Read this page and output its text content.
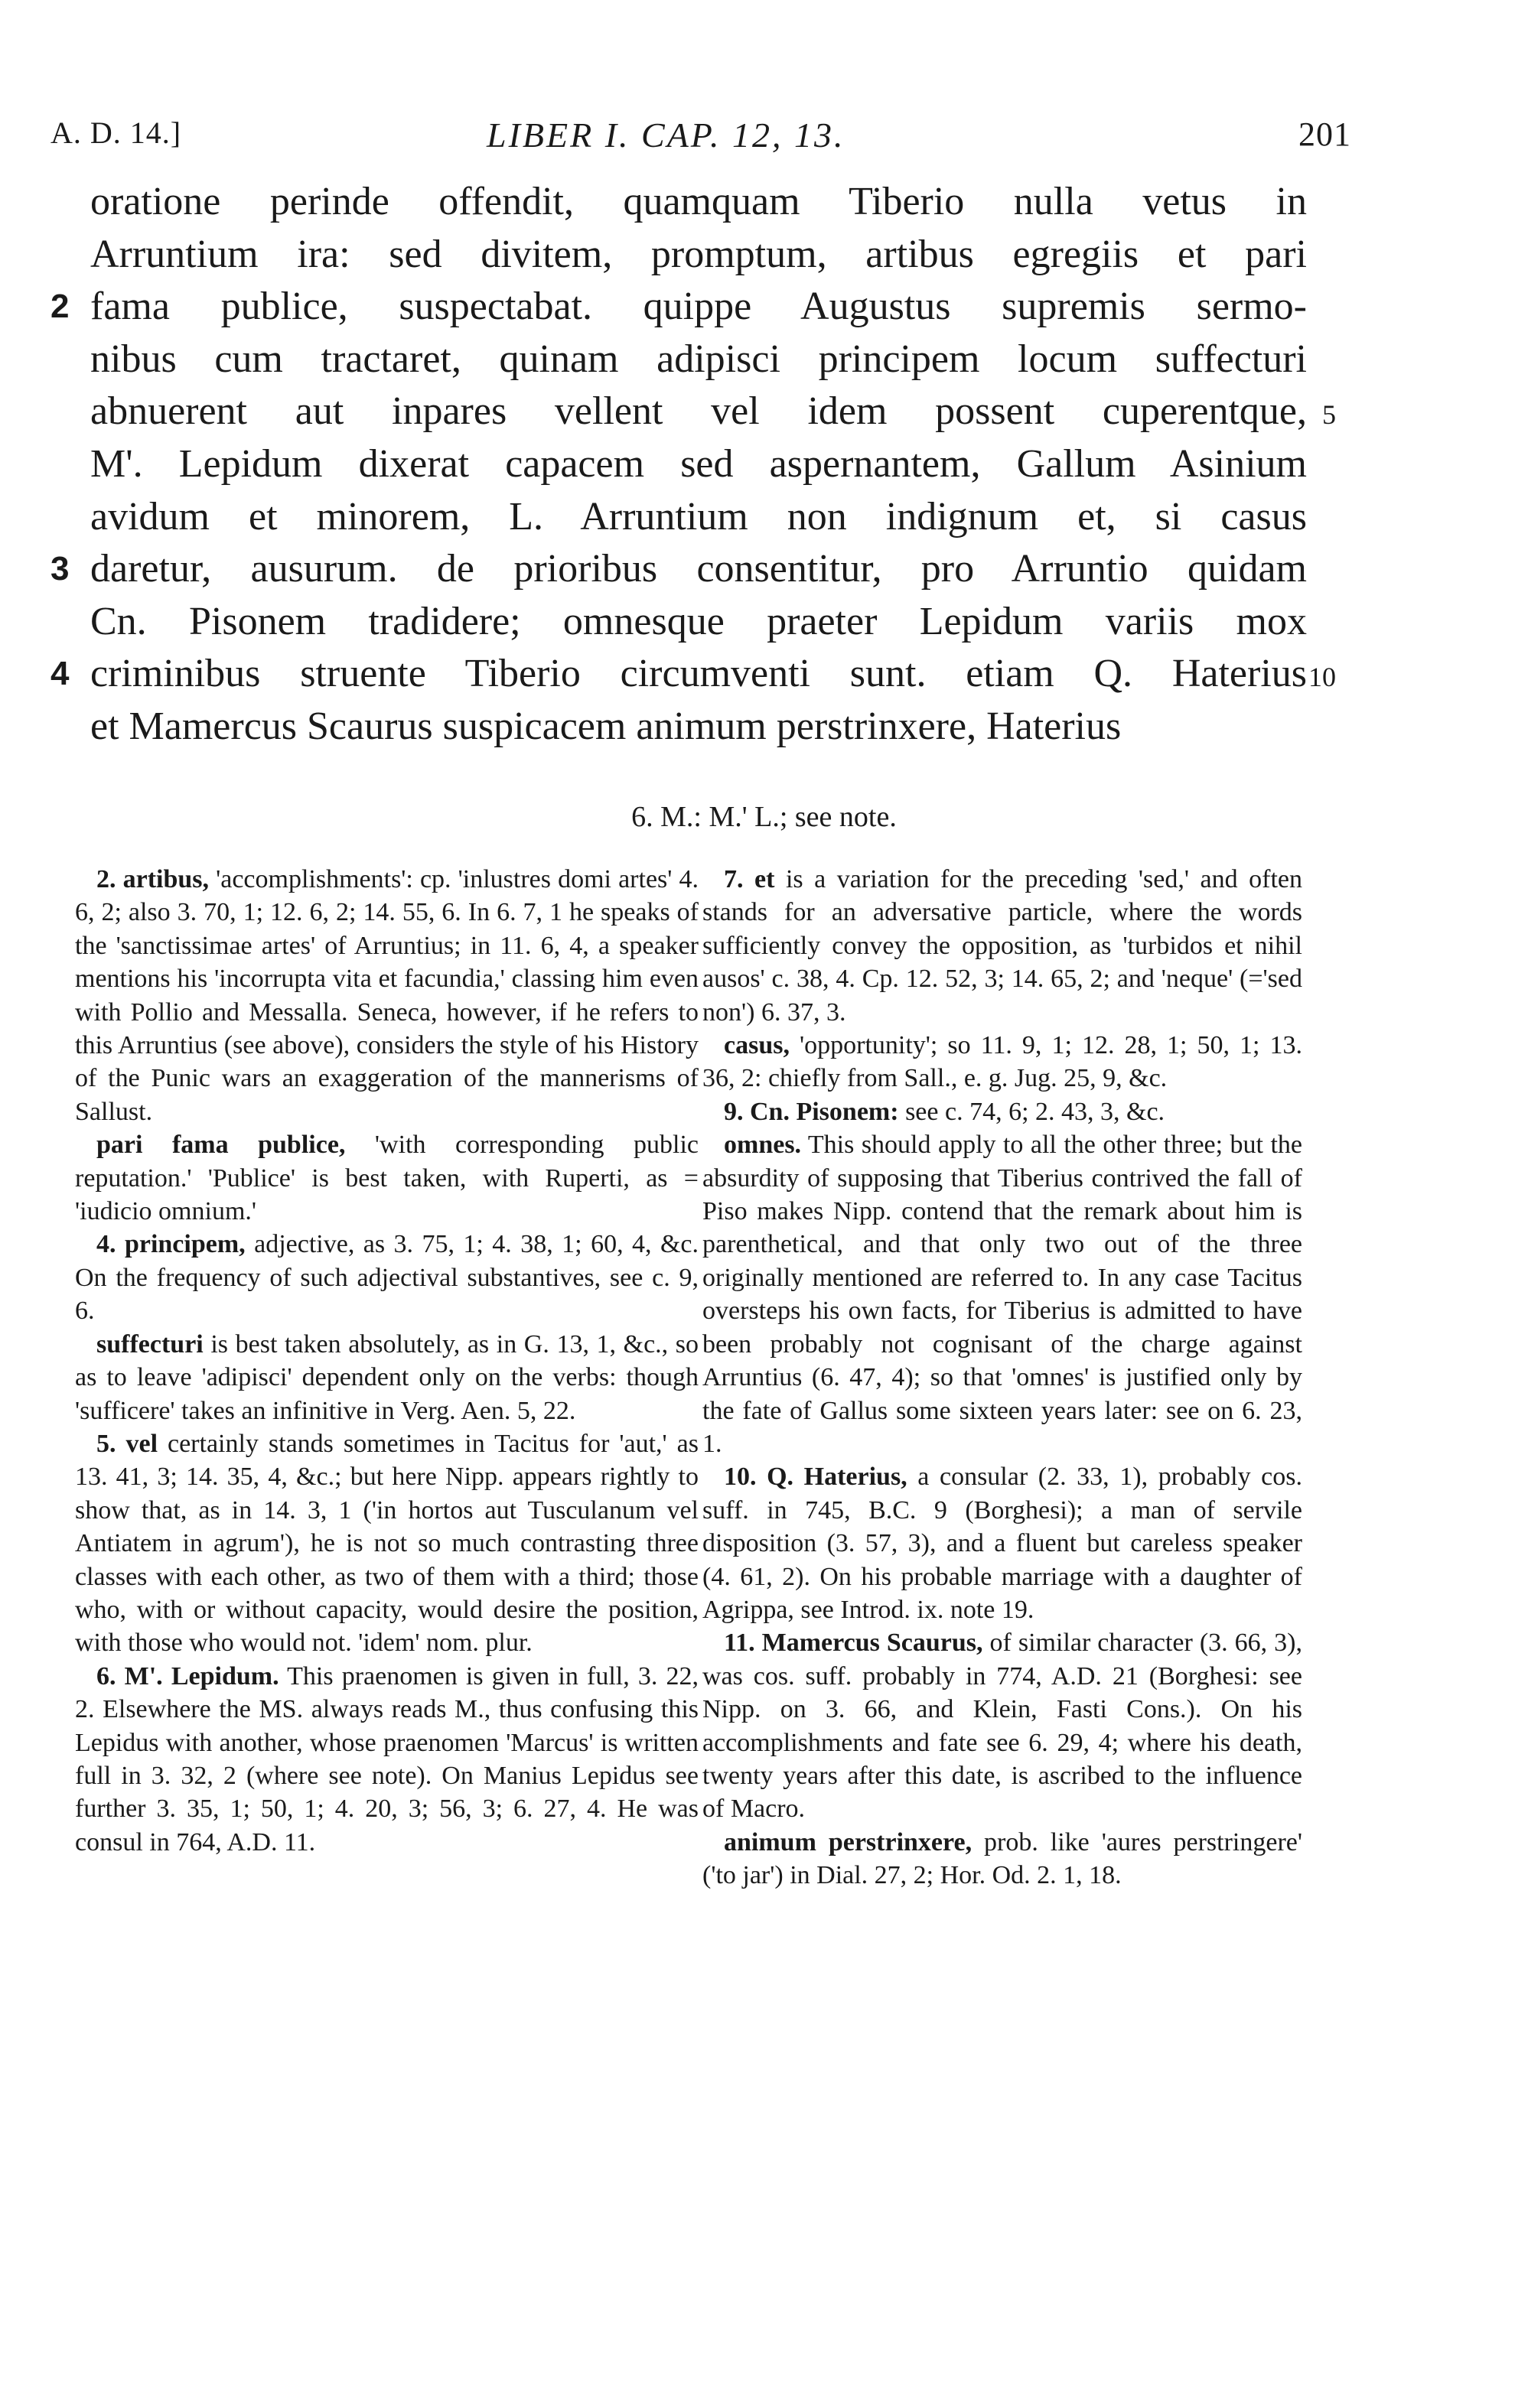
A. D. 14.]	LIBER I. CAP. 12, 13.	201
oratione perinde offendit, quamquam Tiberio nulla vetus in
Arruntium ira: sed divitem, promptum, artibus egregiis et pari
2 fama publice, suspectabat. quippe Augustus supremis sermo-
nibus cum tractaret, quinam adipisci principem locum suffecturi
abnuerent aut inpares vellent vel idem possent cuperentque, 5
M'. Lepidum dixerat capacem sed aspernantem, Gallum Asinium
avidum et minorem, L. Arruntium non indignum et, si casus
3 daretur, ausurum. de prioribus consentitur, pro Arruntio quidam
Cn. Pisonem tradidere; omnesque praeter Lepidum variis mox
4 criminibus struente Tiberio circumventi sunt. etiam Q. Haterius 10
et Mamercus Scaurus suspicacem animum perstrinxere, Haterius
6. M.: M.' L.; see note.

2. artibus, 'accomplishments': cp. 'inlustres domi artes' 4. 6, 2; also 3. 70, 1; 12. 6, 2; 14. 55, 6. In 6. 7, 1 he speaks of the 'sanctissimae artes' of Arruntius; in 11. 6, 4, a speaker mentions his 'incorrupta vita et facundia,' classing him even with Pollio and Messalla. Seneca, however, if he refers to this Arruntius (see above), considers the style of his History of the Punic wars an exaggeration of the mannerisms of Sallust.

pari fama publice, 'with corresponding public reputation.' 'Publice' is best taken, with Ruperti, as = 'iudicio omnium.'

4. principem, adjective, as 3. 75, 1; 4. 38, 1; 60, 4, &c. On the frequency of such adjectival substantives, see c. 9, 6.

suffecturi is best taken absolutely, as in G. 13, 1, &c., so as to leave 'adipisci' dependent only on the verbs: though 'sufficere' takes an infinitive in Verg. Aen. 5, 22.

5. vel certainly stands sometimes in Tacitus for 'aut,' as 13. 41, 3; 14. 35, 4, &c.; but here Nipp. appears rightly to show that, as in 14. 3, 1 ('in hortos aut Tusculanum vel Antiatem in agrum'), he is not so much contrasting three classes with each other, as two of them with a third; those who, with or without capacity, would desire the position, with those who would not. 'idem' nom. plur.

6. M'. Lepidum. This praenomen is given in full, 3. 22, 2. Elsewhere the MS. always reads M., thus confusing this Lepidus with another, whose praenomen 'Marcus' is written full in 3. 32, 2 (where see note). On Manius Lepidus see further 3. 35, 1; 50, 1; 4. 20, 3; 56, 3; 6. 27, 4. He was consul in 764, A.D. 11.

7. et is a variation for the preceding 'sed,' and often stands for an adversative particle, where the words sufficiently convey the opposition, as 'turbidos et nihil ausos' c. 38, 4. Cp. 12. 52, 3; 14. 65, 2; and 'neque' (='sed non') 6. 37, 3.

casus, 'opportunity'; so 11. 9, 1; 12. 28, 1; 50, 1; 13. 36, 2: chiefly from Sall., e. g. Jug. 25, 9, &c.

9. Cn. Pisonem: see c. 74, 6; 2. 43, 3, &c.

omnes. This should apply to all the other three; but the absurdity of supposing that Tiberius contrived the fall of Piso makes Nipp. contend that the remark about him is parenthetical, and that only two out of the three originally mentioned are referred to. In any case Tacitus oversteps his own facts, for Tiberius is admitted to have been probably not cognisant of the charge against Arruntius (6. 47, 4); so that 'omnes' is justified only by the fate of Gallus some sixteen years later: see on 6. 23, 1.

10. Q. Haterius, a consular (2. 33, 1), probably cos. suff. in 745, B.C. 9 (Borghesi); a man of servile disposition (3. 57, 3), and a fluent but careless speaker (4. 61, 2). On his probable marriage with a daughter of Agrippa, see Introd. ix. note 19.

11. Mamercus Scaurus, of similar character (3. 66, 3), was cos. suff. probably in 774, A.D. 21 (Borghesi: see Nipp. on 3. 66, and Klein, Fasti Cons.). On his accomplishments and fate see 6. 29, 4; where his death, twenty years after this date, is ascribed to the influence of Macro.

animum perstrinxere, prob. like 'aures perstringere' ('to jar') in Dial. 27, 2; Hor. Od. 2. 1, 18.
